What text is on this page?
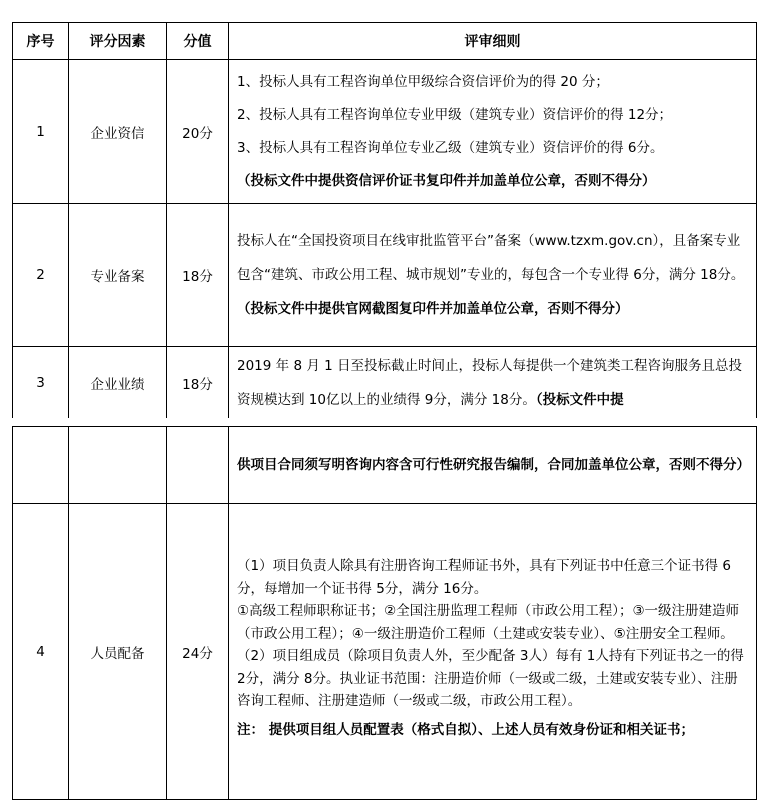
序号	评分因素	分值	评审细则
1	企业资信	20分	1、投标人具有工程咨询单位甲级综合资信评价为的得 20 分；

2、投标人具有工程咨询单位专业甲级（建筑专业）资信评价的得 12分；

3、投标人具有工程咨询单位专业乙级（建筑专业）资信评价的得 6分。

（投标文件中提供资信评价证书复印件并加盖单位公章，否则不得分）

2	专业备案	18分	投标人在“全国投资项目在线审批监管平台”备案（www.tzxm.gov.cn），且备案专业包含“建筑、市政公用工程、城市规划”专业的，每包含一个专业得 6分，满分 18分。（投标文件中提供官网截图复印件并加盖单位公章，否则不得分）

3	企业业绩	18分	2019 年 8 月 1 日至投标截止时间止，投标人每提供一个建筑类工程咨询服务且总投资规模达到 10亿以上的业绩得 9分，满分 18分。（投标文件中提

			供项目合同须写明咨询内容含可行性研究报告编制，合同加盖单位公章，否则不得分）

4	人员配备	24分	（1）项目负责人除具有注册咨询工程师证书外，具有下列证书中任意三个证书得 6分，每增加一个证书得 5分，满分 16分。

①高级工程师职称证书；②全国注册监理工程师（市政公用工程）；③一级注册建造师（市政公用工程）；④一级注册造价工程师（土建或安装专业）、⑤注册安全工程师。

（2）项目组成员（除项目负责人外，至少配备 3人）每有 1人持有下列证书之一的得 2分，满分 8分。执业证书范围：注册造价师（一级或二级，土建或安装专业）、注册咨询工程师、注册建造师（一级或二级，市政公用工程）。

注： 提供项目组人员配置表（格式自拟）、上述人员有效身份证和相关证书；
